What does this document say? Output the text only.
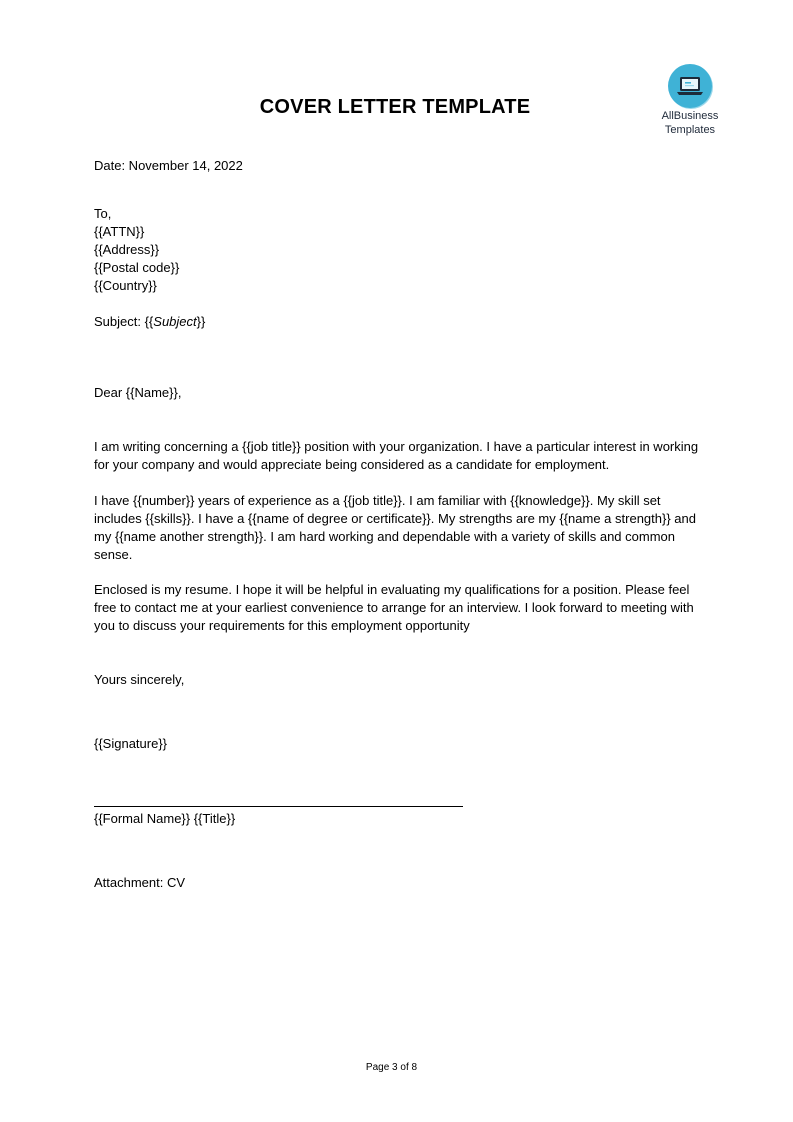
COVER LETTER TEMPLATE	AllBusiness
Templates
Date: November 14, 2022
To,
{{ATTN}}
{{Address}}
{{Postal code}}
{{Country}}
Subject: {{Subject}}
Dear {{Name}},
I am writing concerning a {{job title}} position with your organization. I have a particular interest in working for your company and would appreciate being considered as a candidate for employment.
I have {{number}} years of experience as a {{job title}}. I am familiar with {{knowledge}}. My skill set includes {{skills}}. I have a {{name of degree or certificate}}. My strengths are my {{name a strength}} and my {{name another strength}}. I am hard working and dependable with a variety of skills and common sense.
Enclosed is my resume. I hope it will be helpful in evaluating my qualifications for a position. Please feel free to contact me at your earliest convenience to arrange for an interview. I look forward to meeting with you to discuss your requirements for this employment opportunity
Yours sincerely,
{{Signature}}
{{Formal Name}} {{Title}}
Attachment: CV
Page 3 of 8
